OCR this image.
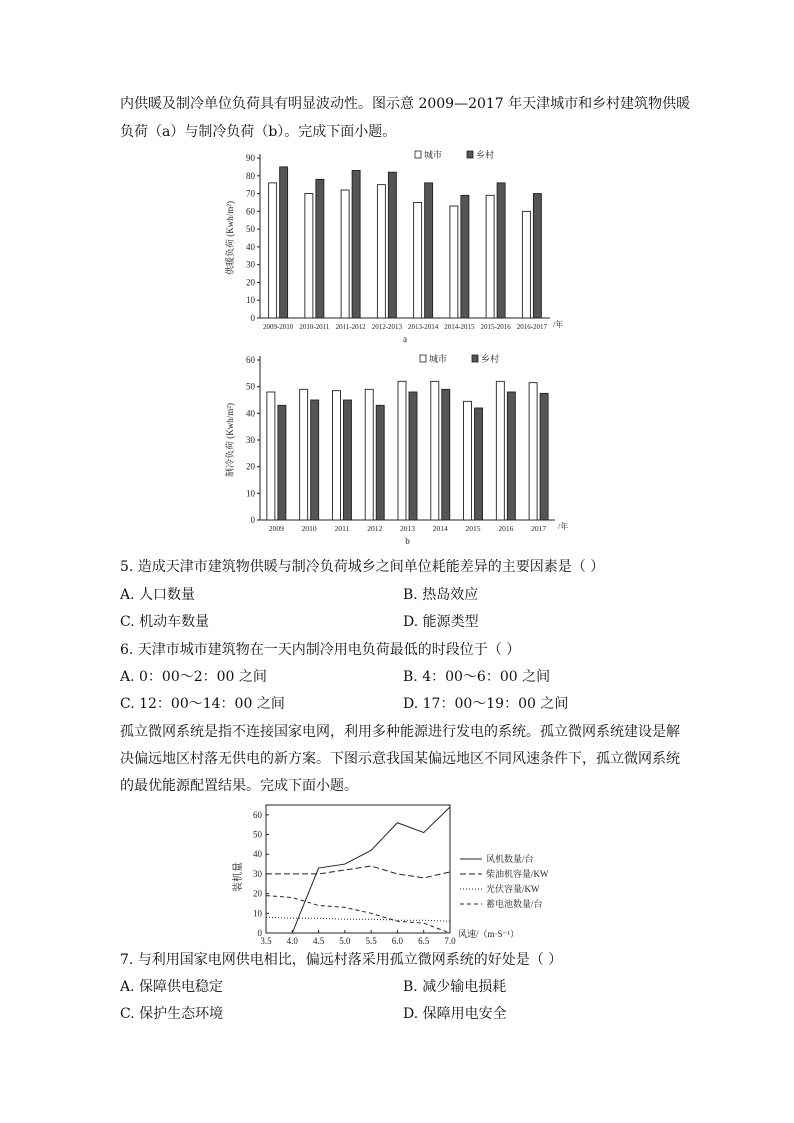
内供暖及制冷单位负荷具有明显波动性。图示意 2009—2017 年天津城市和乡村建筑物供暖
负荷（a）与制冷负荷（b）。完成下面小题。
0
10
20
30
40
50
60
70
80
90
2009-2010 2010-2011 2011-2012 2012-2013 2013-2014 2014-2015 2015-2016 2016-2017 /年
a
供暖负荷 (Kwh/m²)
城市	乡村
0
10
20
30
40
50
60
2009 2010 2011 2012 2013 2014 2015 2016 2017 /年
b
制冷负荷 (Kwh/m²)
城市	乡村
5. 造成天津市建筑物供暖与制冷负荷城乡之间单位耗能差异的主要因素是（ ）
A. 人口数量	B. 热岛效应
C. 机动车数量	D. 能源类型
6. 天津市城市建筑物在一天内制冷用电负荷最低的时段位于（ ）
A. 0：00～2：00 之间	B. 4：00～6：00 之间
C. 12：00～14：00 之间	D. 17：00～19：00 之间
孤立微网系统是指不连接国家电网，利用多种能源进行发电的系统。孤立微网系统建设是解
决偏远地区村落无供电的新方案。下图示意我国某偏远地区不同风速条件下，孤立微网系统
的最优能源配置结果。完成下面小题。
0
10
20
30
40
50
60
3.5 4.0 4.5 5.0 5.5 6.0 6.5 7.0
装机量
风速/（m·S⁻¹）
风机数量/台
柴油机容量/KW
光伏容量/KW
蓄电池数量/台
7. 与利用国家电网供电相比，偏远村落采用孤立微网系统的好处是（ ）
A. 保障供电稳定	B. 减少输电损耗
C. 保护生态环境	D. 保障用电安全
